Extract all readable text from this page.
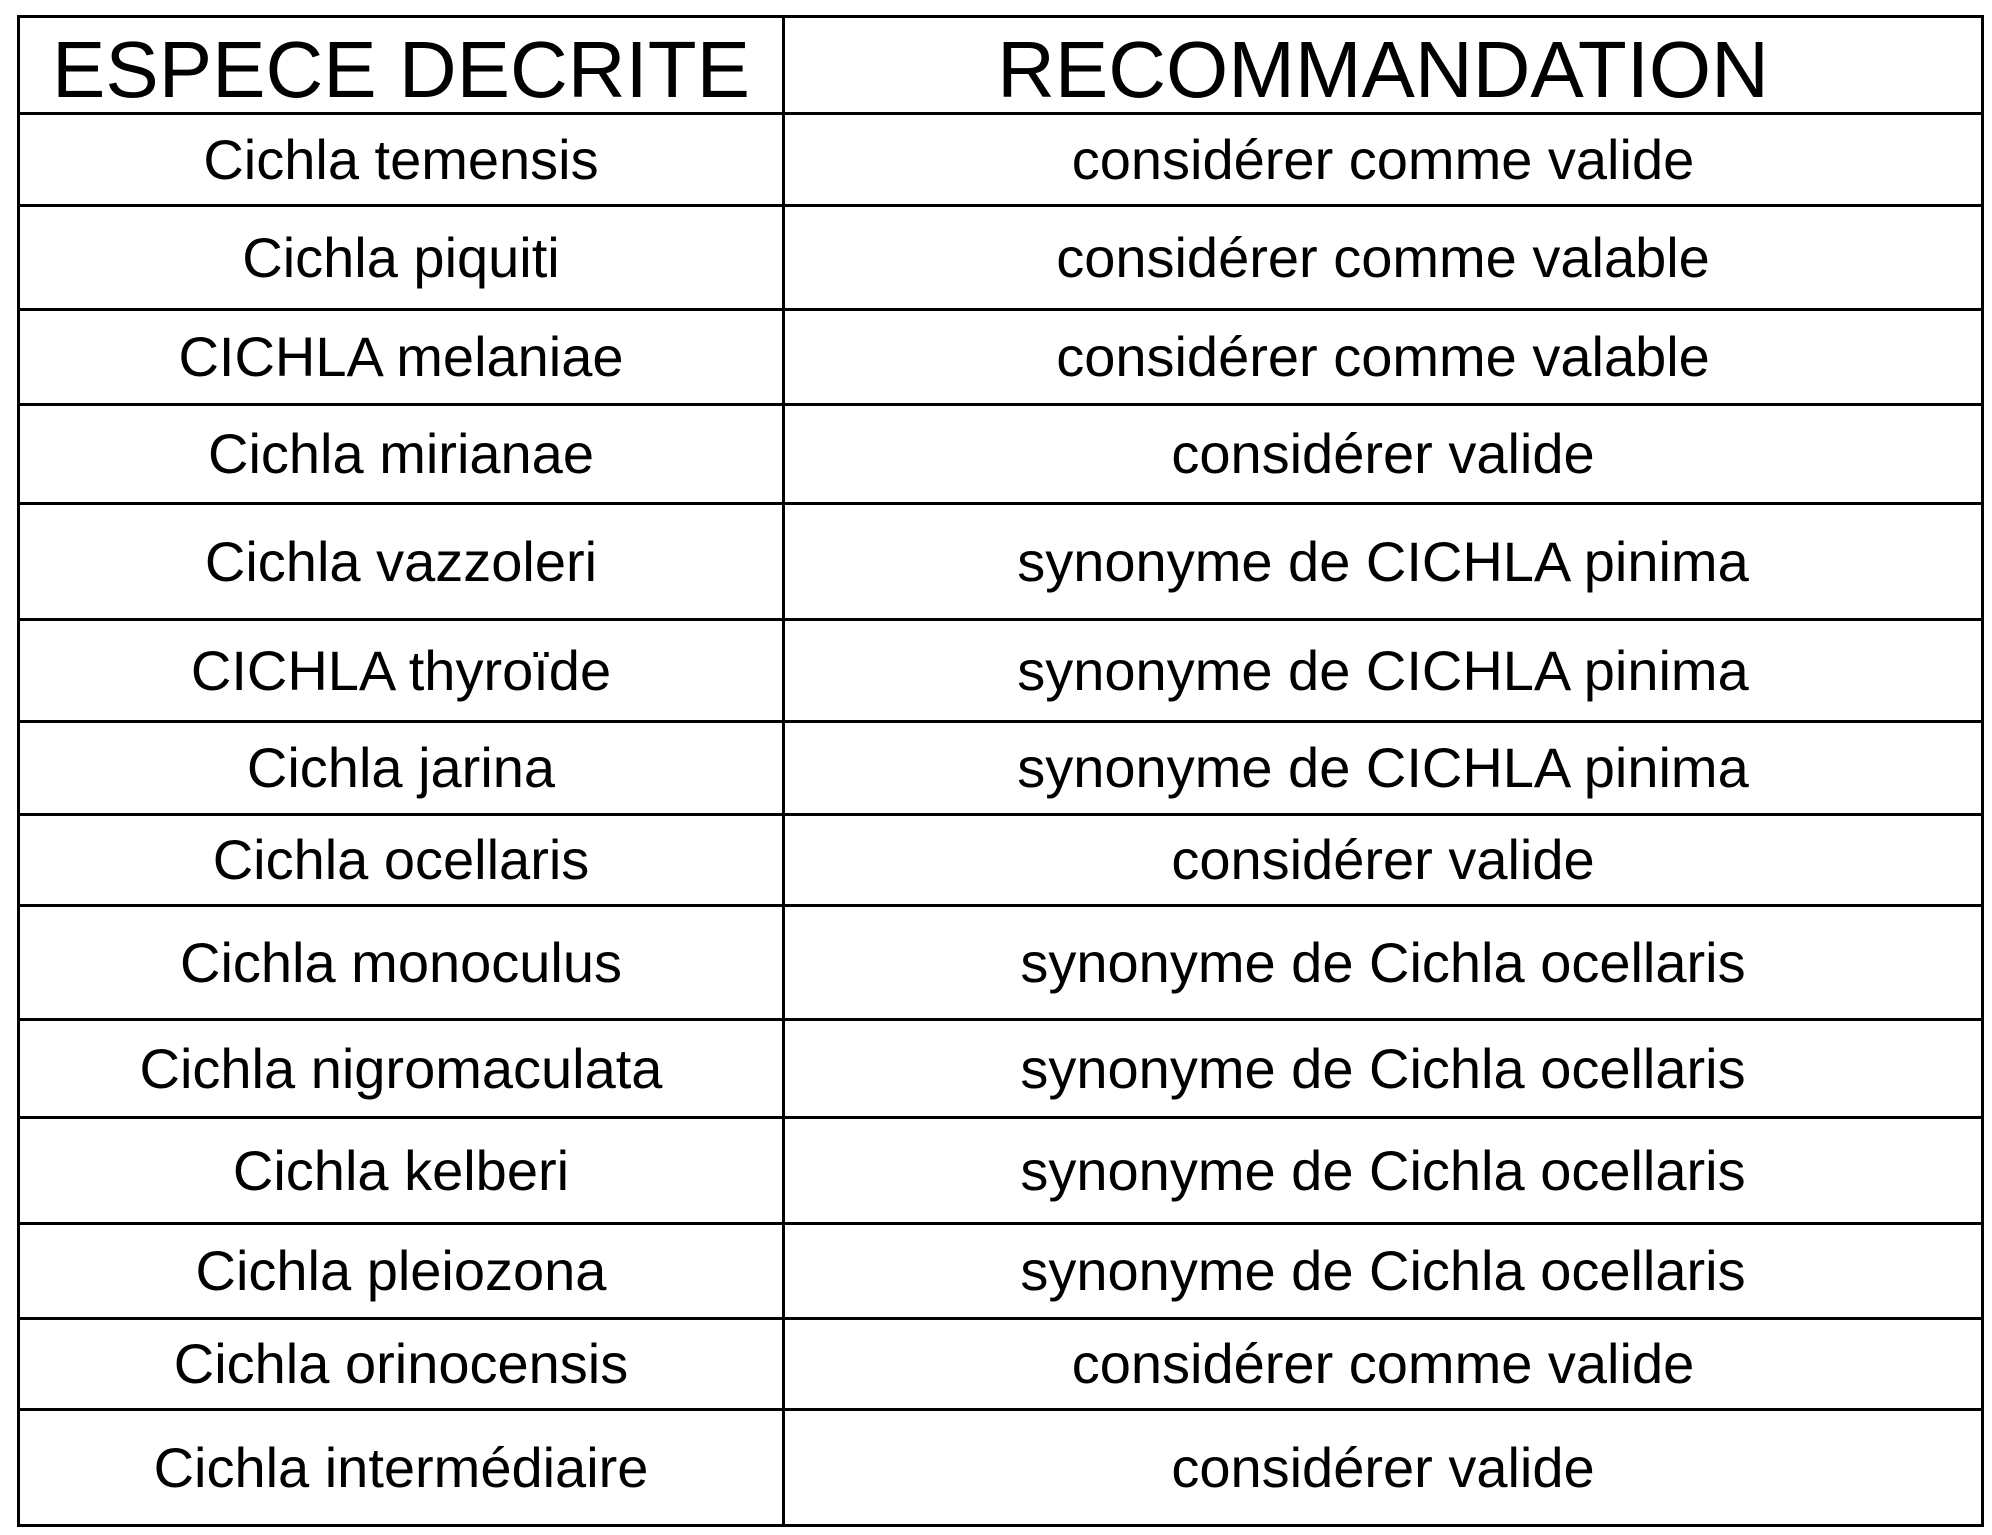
ESPECE DECRITE	RECOMMANDATION
Cichla temensis	considérer comme valide
Cichla piquiti	considérer comme valable
CICHLA melaniae	considérer comme valable
Cichla mirianae	considérer valide
Cichla vazzoleri	synonyme de CICHLA pinima
CICHLA thyroïde	synonyme de CICHLA pinima
Cichla jarina	synonyme de CICHLA pinima
Cichla ocellaris	considérer valide
Cichla monoculus	synonyme de Cichla ocellaris
Cichla nigromaculata	synonyme de Cichla ocellaris
Cichla kelberi	synonyme de Cichla ocellaris
Cichla pleiozona	synonyme de Cichla ocellaris
Cichla orinocensis	considérer comme valide
Cichla intermédiaire	considérer valide
